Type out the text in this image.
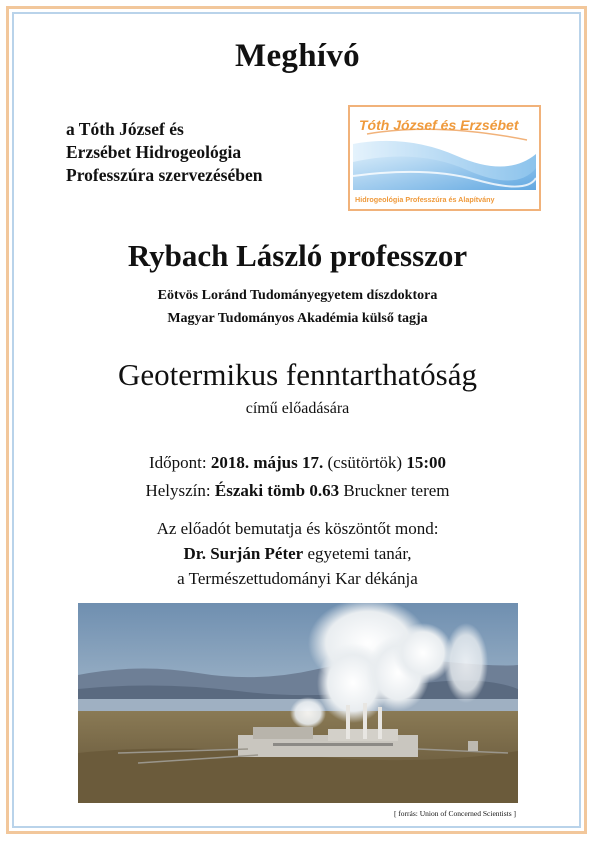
Meghívó
a Tóth József és
Erzsébet Hidrogeológia
Professzúra szervezésében
Tóth József és Erzsébet
Hidrogeológia Professzúra és Alapítvány
Rybach László professzor
Eötvös Loránd Tudományegyetem díszdoktora
Magyar Tudományos Akadémia külső tagja
Geotermikus fenntarthatóság
című előadására
Időpont: 2018. május 17. (csütörtök) 15:00
Helyszín: Északi tömb 0.63 Bruckner terem
Az előadót bemutatja és köszöntőt mond:
Dr. Surján Péter egyetemi tanár,
a Természettudományi Kar dékánja
[ forrás: Union of Concerned Scientists ]
